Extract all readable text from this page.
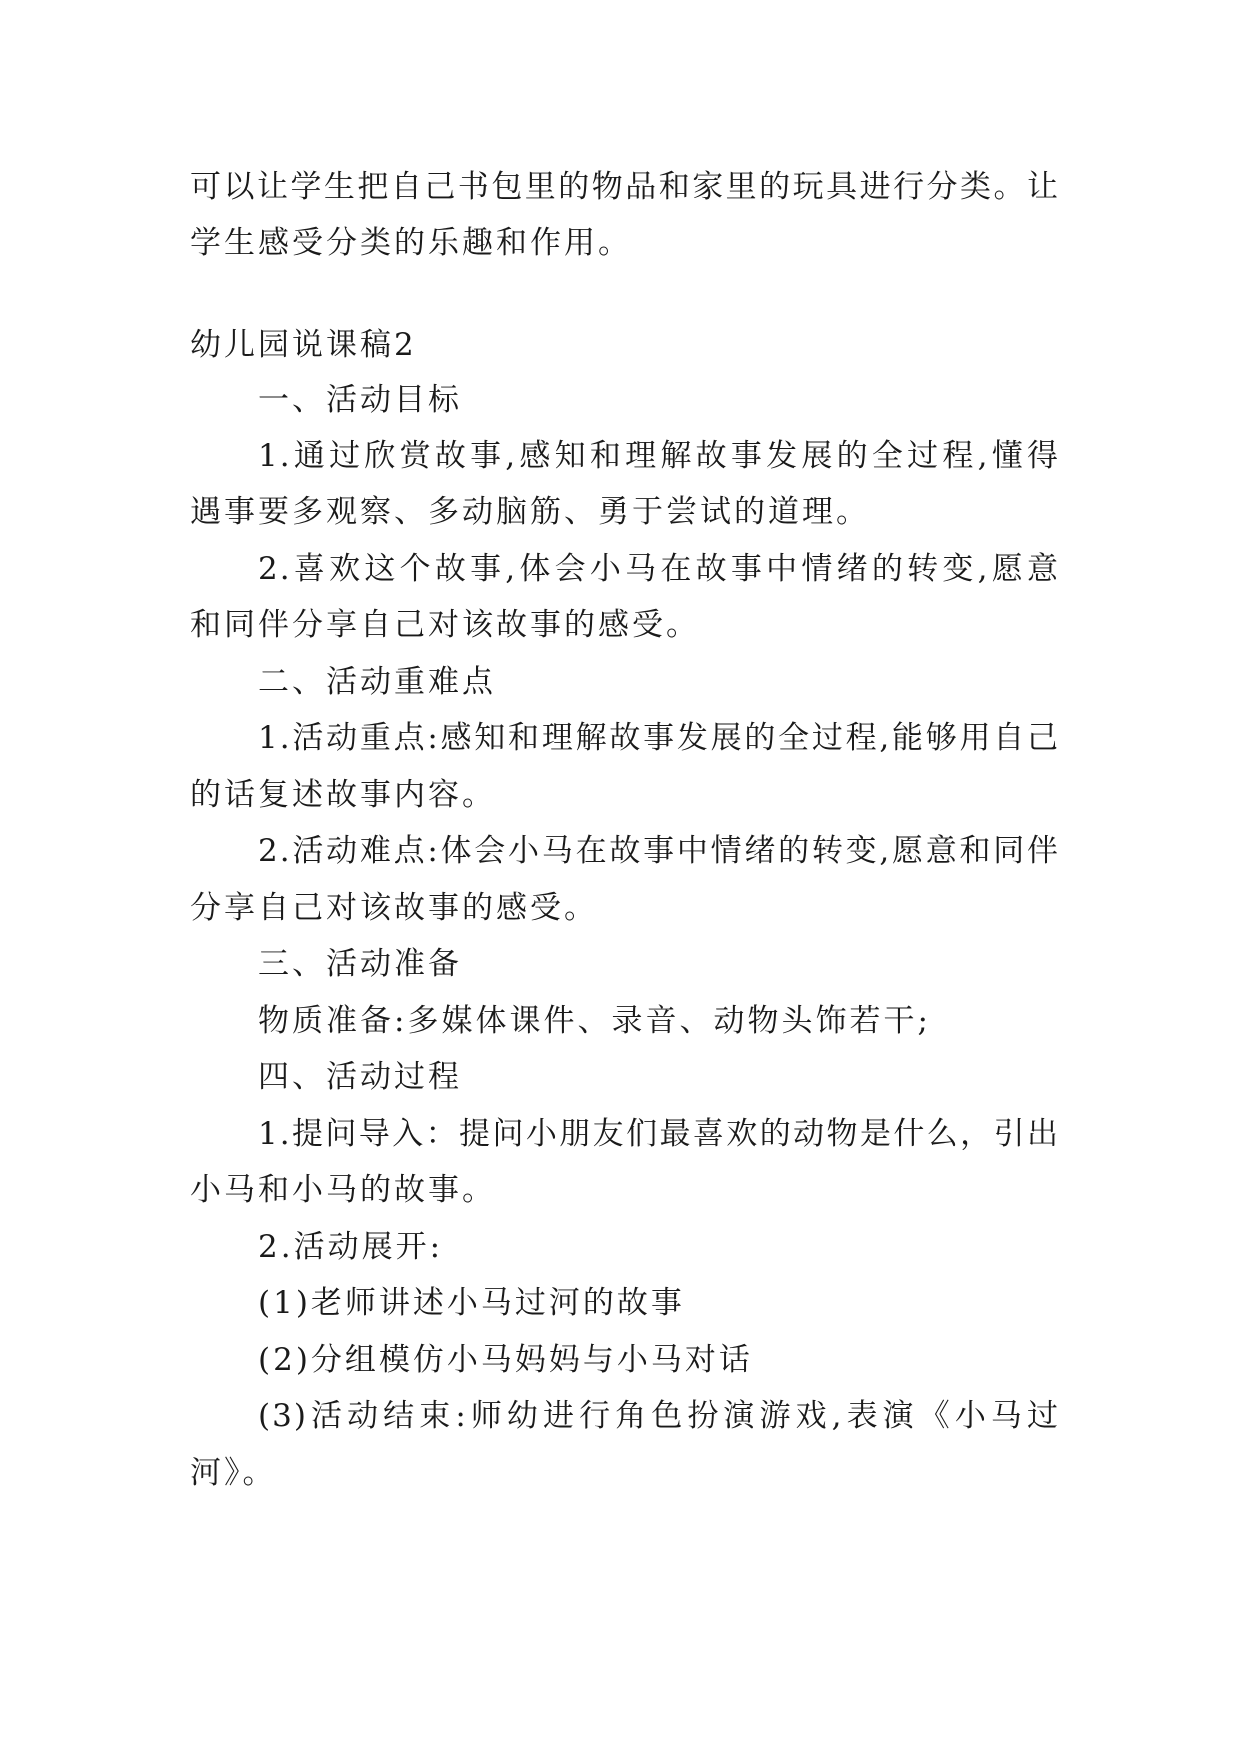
可以让学生把自己书包里的物品和家里的玩具进行分类。让
学生感受分类的乐趣和作用。
幼儿园说课稿2
一、活动目标
1.通过欣赏故事,感知和理解故事发展的全过程,懂得
遇事要多观察、多动脑筋、勇于尝试的道理。
2.喜欢这个故事,体会小马在故事中情绪的转变,愿意
和同伴分享自己对该故事的感受。
二、活动重难点
1.活动重点:感知和理解故事发展的全过程,能够用自己
的话复述故事内容。
2.活动难点:体会小马在故事中情绪的转变,愿意和同伴
分享自己对该故事的感受。
三、活动准备
物质准备:多媒体课件、录音、动物头饰若干;
四、活动过程
1.提问导入：提问小朋友们最喜欢的动物是什么，引出
小马和小马的故事。
2.活动展开:
(1)老师讲述小马过河的故事
(2)分组模仿小马妈妈与小马对话
(3)活动结束:师幼进行角色扮演游戏,表演《小马过
河》。
